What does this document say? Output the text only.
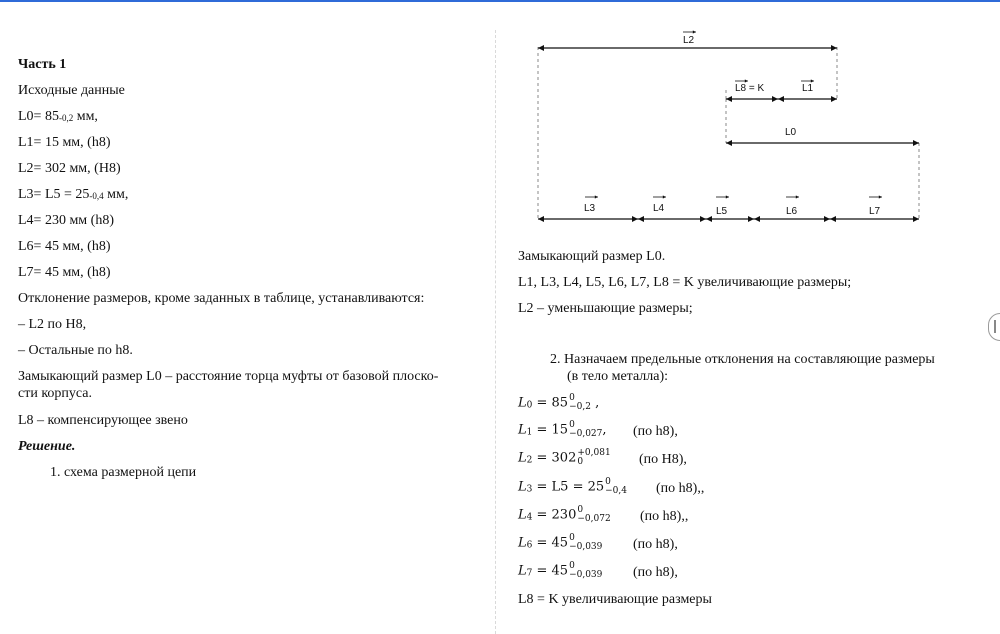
Часть 1
Исходные данные
$L0= 85_{-0,2}$ мм,
L1= 15 мм, (h8)
L2= 302 мм, (H8)
$L3= L5 = 25_{-0,4}$ мм,
L4= 230 мм (h8)
L6= 45 мм, (h8)
L7= 45 мм, (h8)
Отклонение размеров, кроме заданных в таблице, устанавливаются:
– L2 по H8,
– Остальные по h8.
Замыкающий размер L0 – расстояние торца муфты от базовой плоско-
сти корпуса.
L8 – компенсирующее звено
Решение.
1. схема размерной цепи
L2
L8 = K	L1
L0
L3	L4	L5	L6	L7
Замыкающий размер L0.
L1, L3, L4, L5, L6, L7, L8 = K увеличивающие размеры;
L2 – уменьшающие размеры;
2. Назначаем предельные отклонения на составляющие размеры
(в тело металла):
$L_0 = 85$ 0
−0,2 ,
$L_1 = 15$ 0
−0,027 , (по h8),
$L_2 = 302 +0,081$
0	(по H8),
$L_3 = L5 = 25$ 0
−0,4 (по h8),,
$L_4 = 230$ 0
−0,072 (по h8),,
$L_6 = 45$ 0
−0,039 (по h8),
$L_7 = 45$ 0
−0,039 (по h8),
L8 = K увеличивающие размеры
